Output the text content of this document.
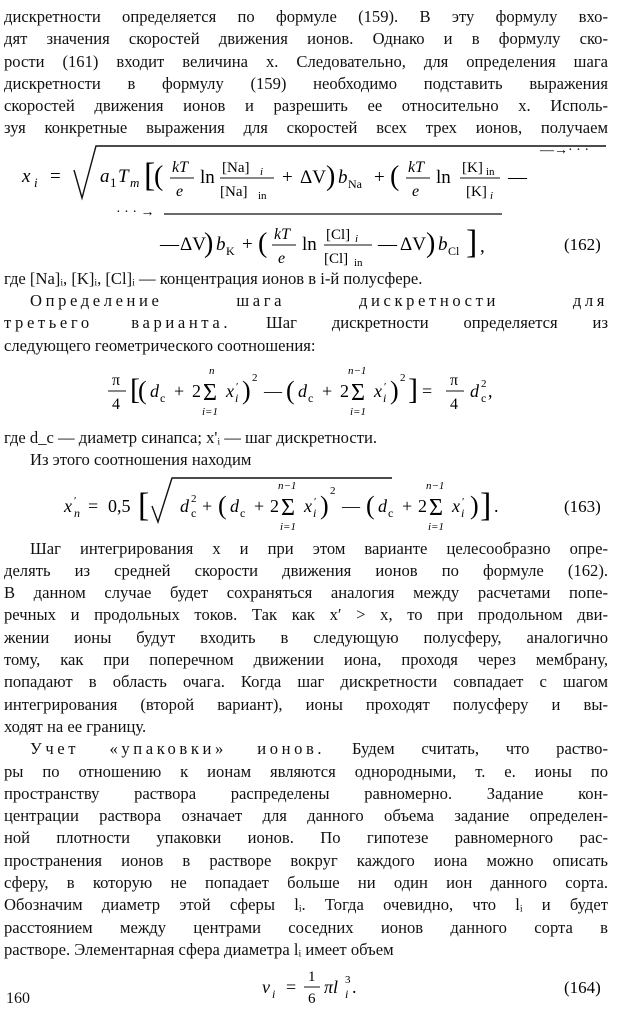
дискретности определяется по формуле (159). В эту формулу вхо-

дят значения скоростей движения ионов. Однако и в формулу ско-

рости (161) входит величина x. Следовательно, для определения шага

дискретности в формулу (159) необходимо подставить выражения

скоростей движения ионов и разрешить ее относительно x. Исполь-

зуя конкретные выражения для скоростей всех трех ионов, получаем

x i = a 1 T m [
( kT
e
ln [Na] i
[Na] in
+ ΔV ) b Na + ( kT
e
ln [K] in
[K] i
—
—→· · ·
· · · →
— ΔV
) b K + ( kT
e
ln [Cl] i
[Cl] in
— ΔV ) b Cl ] ,	(162)

где [Na]ᵢ, [K]ᵢ, [Cl]ᵢ — концентрация ионов в i-й полусфере.

Определение шага дискретности для

третьего варианта. Шаг дискретности определяется из

следующего геометрического соотношения:

π
4 [
( d c + 2 Σ
n
i=1
x i
′ ) 2
— ( d c + 2 Σ
n−1
i=1
x i
′ ) 2 ] =
π
4
d 2
c ,

где d_c — диаметр синапса; x'ᵢ — шаг дискретности.

Из этого соотношения находим

x n
′ = 0,5 [ d 2
c + ( d c + 2 Σ
n−1
i=1
x i
′ ) 2
— ( d c + 2 Σ
n−1
i=1
x i
′ ) ] .	(163)

Шаг интегрирования x и при этом варианте целесообразно опре-

делять из средней скорости движения ионов по формуле (162).

В данном случае будет сохраняться аналогия между расчетами попе-

речных и продольных токов. Так как x′ > x, то при продольном дви-

жении ионы будут входить в следующую полусферу, аналогично

тому, как при поперечном движении иона, проходя через мембрану,

попадают в область очага. Когда шаг дискретности совпадает с шагом

интегрирования (второй вариант), ионы проходят полусферу и вы-

ходят на ее границу.

Учет «упаковки» ионов. Будем считать, что раство-

ры по отношению к ионам являются однородными, т. е. ионы по

пространству раствора распределены равномерно. Задание кон-

центрации раствора означает для данного объема задание определен-

ной плотности упаковки ионов. По гипотезе равномерного рас-

пространения ионов в растворе вокруг каждого иона можно описать

сферу, в которую не попадает больше ни один ион данного сорта.

Обозначим диаметр этой сферы lᵢ. Тогда очевидно, что lᵢ и будет

расстоянием между центрами соседних ионов данного сорта в

растворе. Элементарная сфера диаметра lᵢ имеет объем

v i = 1
6
πl i
3 .	(164)
160
